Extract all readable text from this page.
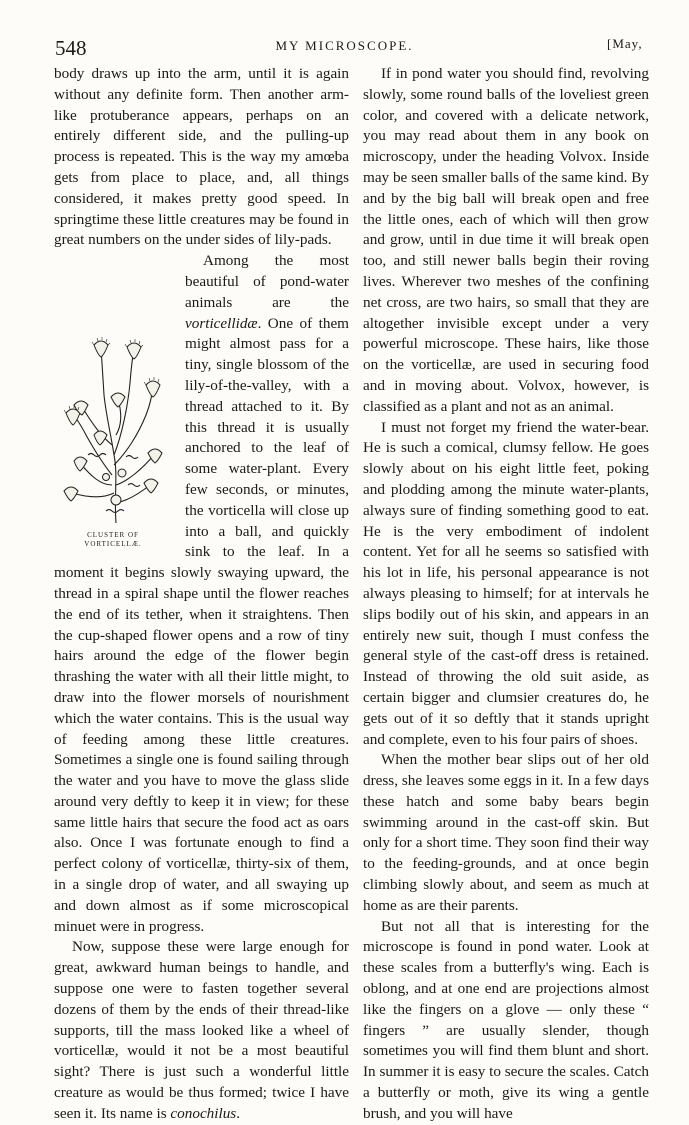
548	MY MICROSCOPE.	[May,

body draws up into the arm, until it is again without any definite form. Then another arm-like protuberance appears, perhaps on an entirely different side, and the pulling-up process is repeated. This is the way my amœba gets from place to place, and, all things considered, it makes pretty good speed. In springtime these little creatures may be found in great numbers on the under sides of lily-pads.

CLUSTER OF
VORTICELLÆ.
Among the most beautiful of pond-water animals are the vorticellidæ. One of them might almost pass for a tiny, single blossom of the lily-of-the-valley, with a thread attached to it. By this thread it is usually anchored to the leaf of some water-plant. Every few seconds, or minutes, the vorticella will close up into a ball, and quickly sink to the leaf. In a moment it begins slowly swaying upward, the thread in a spiral shape until the flower reaches the end of its tether, when it straightens. Then the cup-shaped flower opens and a row of tiny hairs around the edge of the flower begin thrashing the water with all their little might, to draw into the flower morsels of nourishment which the water contains. This is the usual way of feeding among these little creatures. Sometimes a single one is found sailing through the water and you have to move the glass slide around very deftly to keep it in view; for these same little hairs that secure the food act as oars also. Once I was fortunate enough to find a perfect colony of vorticellæ, thirty-six of them, in a single drop of water, and all swaying up and down almost as if some microscopical minuet were in progress.

Now, suppose these were large enough for great, awkward human beings to handle, and suppose one were to fasten together several dozens of them by the ends of their thread-like supports, till the mass looked like a wheel of vorticellæ, would it not be a most beautiful sight? There is just such a wonderful little creature as would be thus formed; twice I have seen it. Its name is conochilus.

If in pond water you should find, revolving slowly, some round balls of the loveliest green color, and covered with a delicate network, you may read about them in any book on microscopy, under the heading Volvox. Inside may be seen smaller balls of the same kind. By and by the big ball will break open and free the little ones, each of which will then grow and grow, until in due time it will break open too, and still newer balls begin their roving lives. Wherever two meshes of the confining net cross, are two hairs, so small that they are altogether invisible except under a very powerful microscope. These hairs, like those on the vorticellæ, are used in securing food and in moving about. Volvox, however, is classified as a plant and not as an animal.

I must not forget my friend the water-bear. He is such a comical, clumsy fellow. He goes slowly about on his eight little feet, poking and plodding among the minute water-plants, always sure of finding something good to eat. He is the very embodiment of indolent content. Yet for all he seems so satisfied with his lot in life, his personal appearance is not always pleasing to himself; for at intervals he slips bodily out of his skin, and appears in an entirely new suit, though I must confess the general style of the cast-off dress is retained. Instead of throwing the old suit aside, as certain bigger and clumsier creatures do, he gets out of it so deftly that it stands upright and complete, even to his four pairs of shoes.

When the mother bear slips out of her old dress, she leaves some eggs in it. In a few days these hatch and some baby bears begin swimming around in the cast-off skin. But only for a short time. They soon find their way to the feeding-grounds, and at once begin climbing slowly about, and seem as much at home as are their parents.

But not all that is interesting for the microscope is found in pond water. Look at these scales from a butterfly's wing. Each is oblong, and at one end are projections almost like the fingers on a glove — only these “ fingers ” are usually slender, though sometimes you will find them blunt and short. In summer it is easy to secure the scales. Catch a butterfly or moth, give its wing a gentle brush, and you will have
